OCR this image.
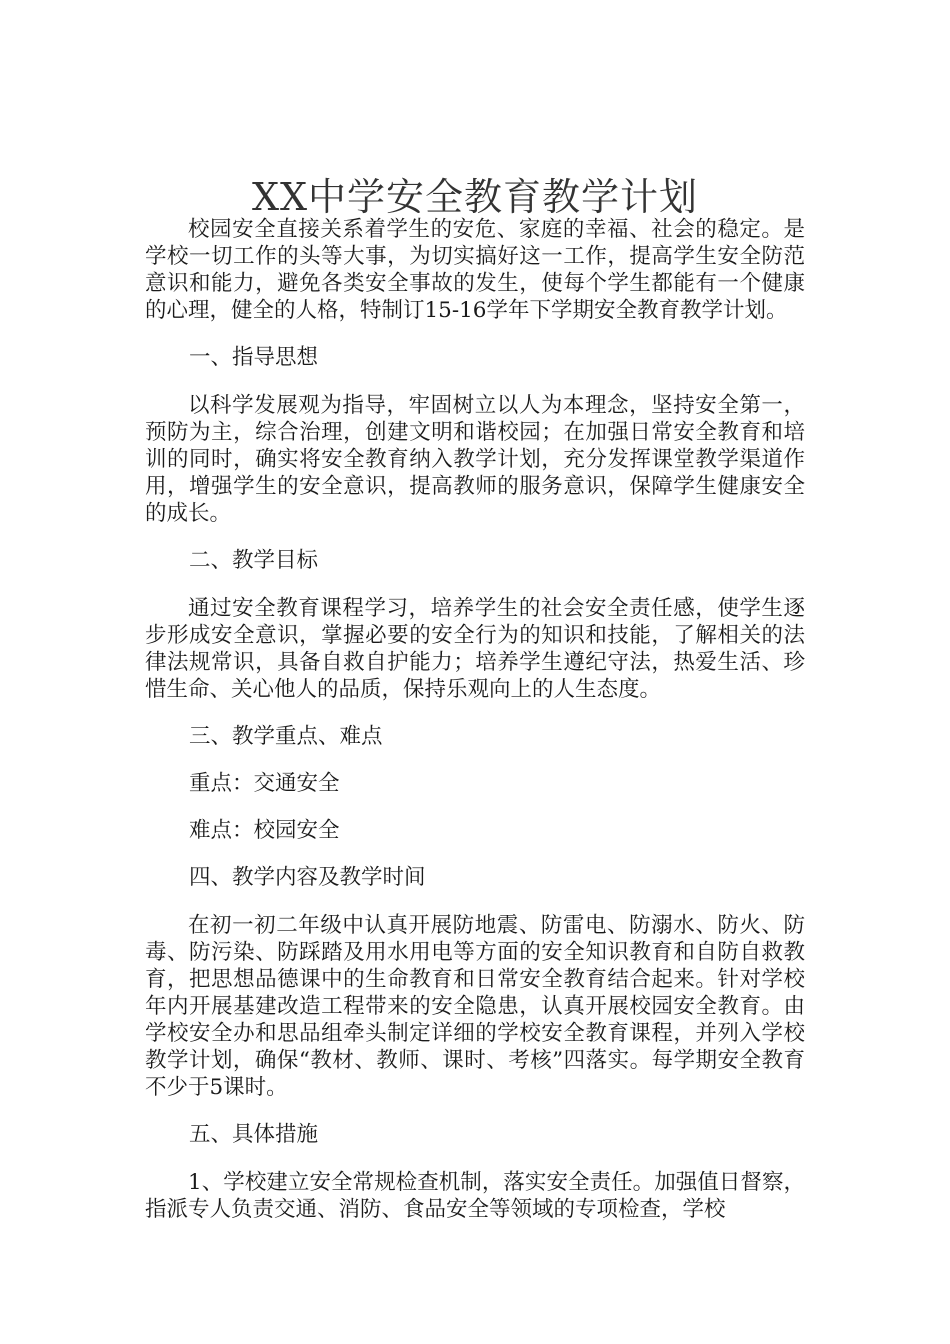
XX中学安全教育教学计划

校园安全直接关系着学生的安危、家庭的幸福、社会的稳定。是学校一切工作的头等大事，为切实搞好这一工作，提高学生安全防范意识和能力，避免各类安全事故的发生，使每个学生都能有一个健康的心理，健全的人格，特制订15-16学年下学期安全教育教学计划。

一、指导思想

以科学发展观为指导，牢固树立以人为本理念，坚持安全第一，预防为主，综合治理，创建文明和谐校园；在加强日常安全教育和培训的同时，确实将安全教育纳入教学计划，充分发挥课堂教学渠道作用，增强学生的安全意识，提高教师的服务意识，保障学生健康安全的成长。

二、教学目标

通过安全教育课程学习，培养学生的社会安全责任感，使学生逐步形成安全意识，掌握必要的安全行为的知识和技能，了解相关的法律法规常识，具备自救自护能力；培养学生遵纪守法，热爱生活、珍惜生命、关心他人的品质，保持乐观向上的人生态度。

三、教学重点、难点

重点：交通安全

难点：校园安全

四、教学内容及教学时间

在初一初二年级中认真开展防地震、防雷电、防溺水、防火、防毒、防污染、防踩踏及用水用电等方面的安全知识教育和自防自救教育，把思想品德课中的生命教育和日常安全教育结合起来。针对学校年内开展基建改造工程带来的安全隐患，认真开展校园安全教育。由学校安全办和思品组牵头制定详细的学校安全教育课程，并列入学校教学计划，确保“教材、教师、课时、考核”四落实。每学期安全教育不少于5课时。

五、具体措施

1、学校建立安全常规检查机制，落实安全责任。加强值日督察，指派专人负责交通、消防、食品安全等领域的专项检查，学校
